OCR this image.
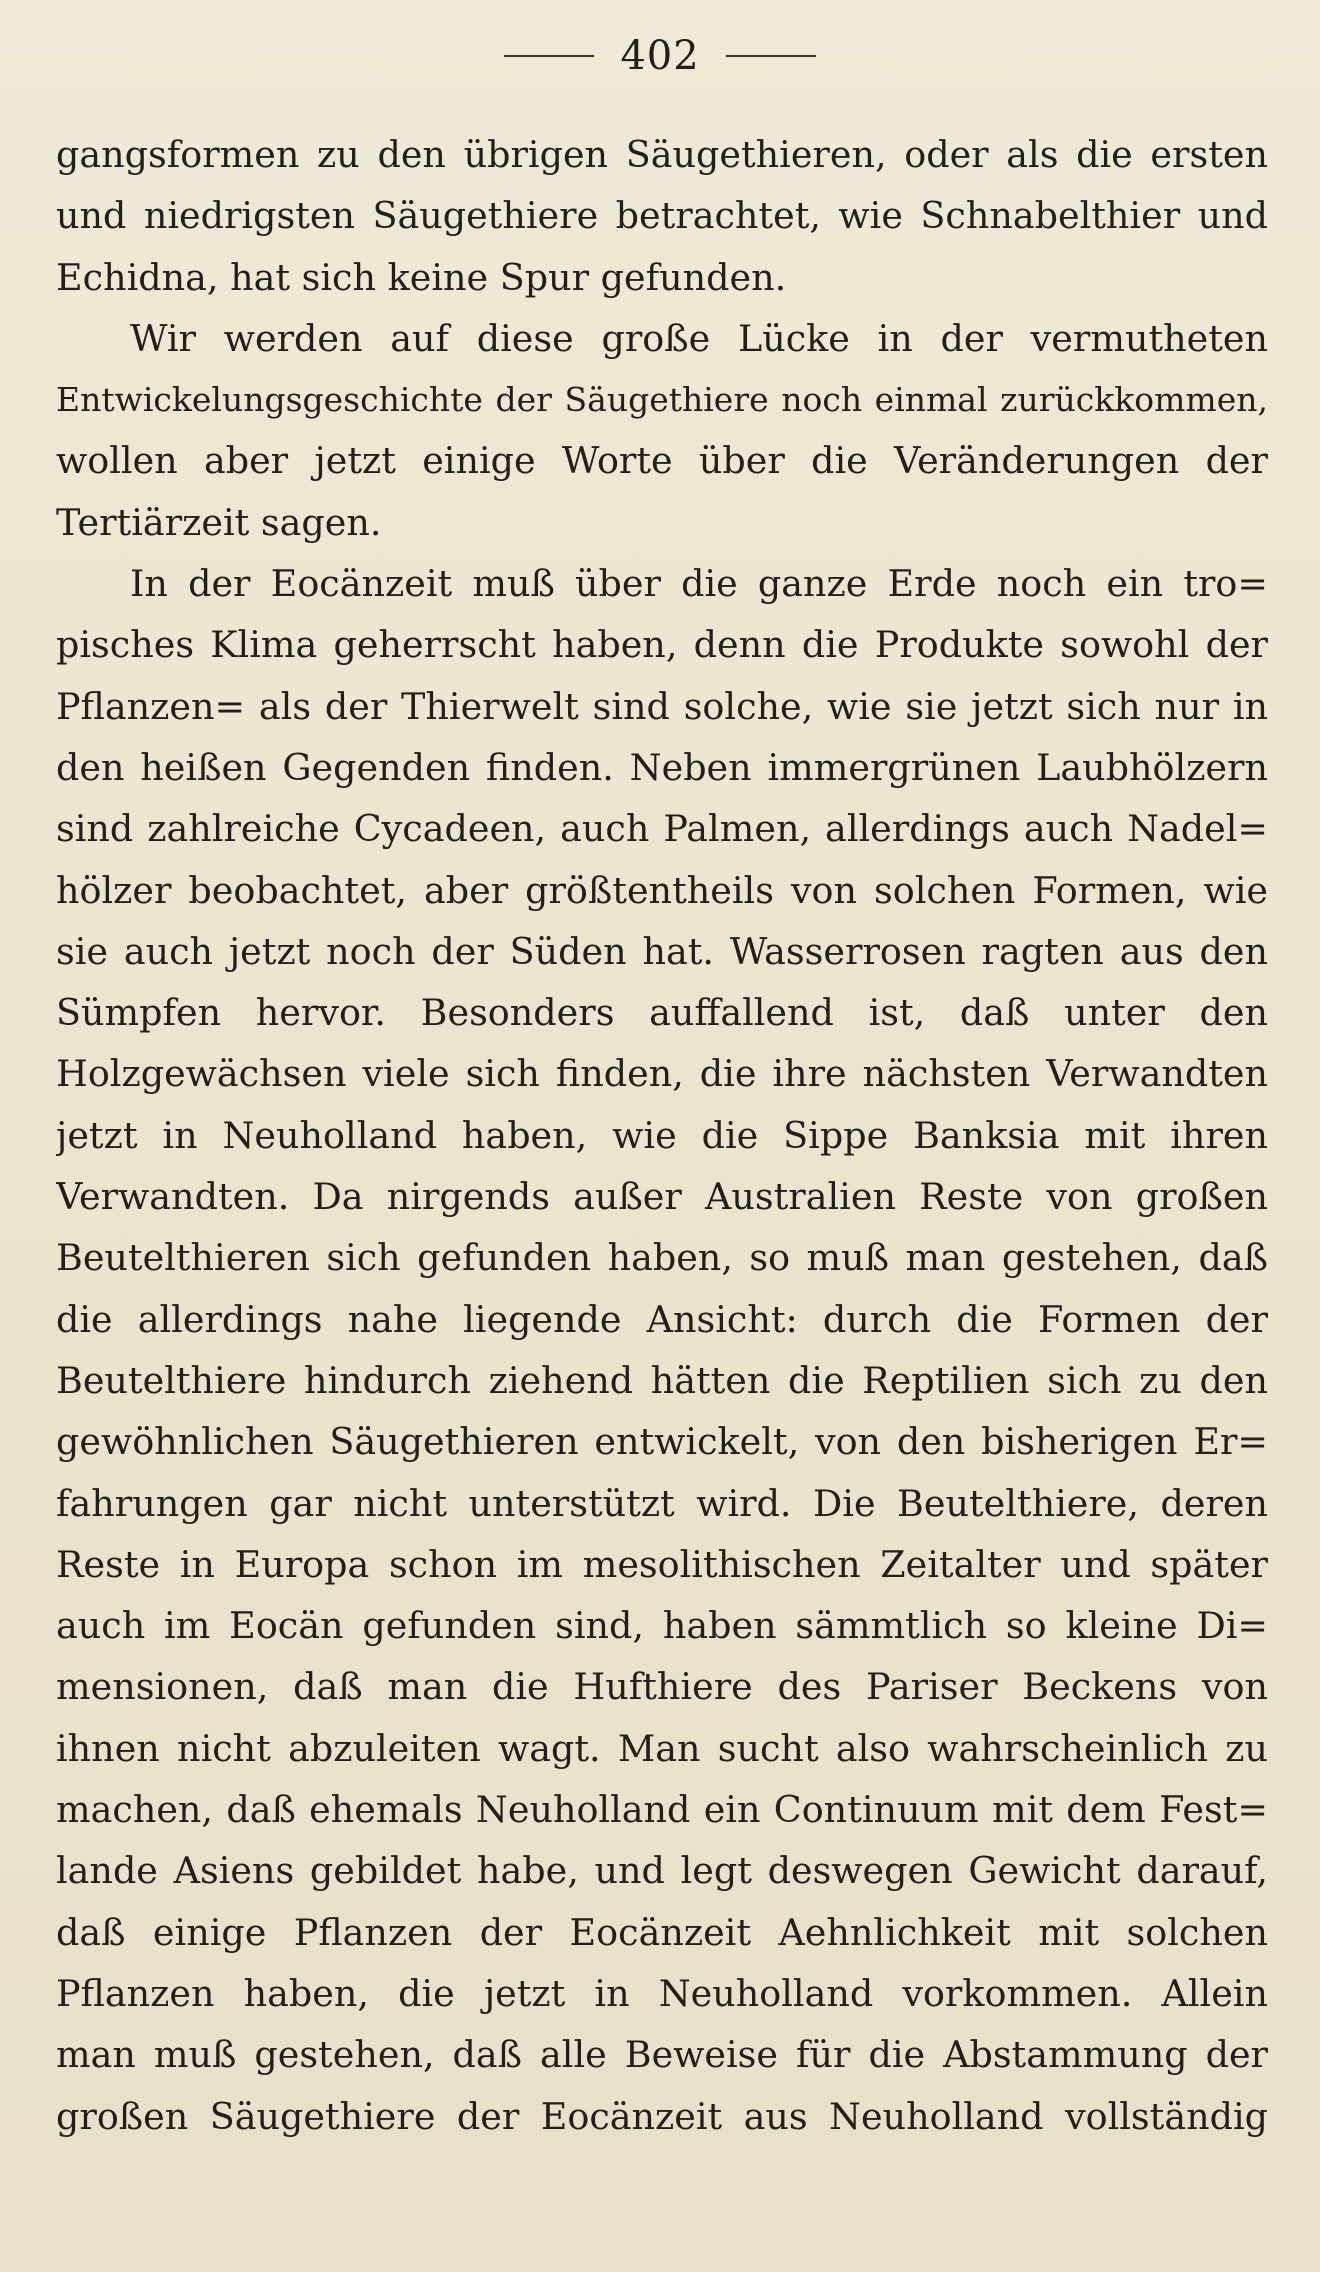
402
gangsformen zu den übrigen Säugethieren, oder als die ersten
und niedrigsten Säugethiere betrachtet, wie Schnabelthier und
Echidna, hat sich keine Spur gefunden.
Wir werden auf diese große Lücke in der vermutheten
Entwickelungsgeschichte der Säugethiere noch einmal zurückkommen,
wollen aber jetzt einige Worte über die Veränderungen der
Tertiärzeit sagen.
In der Eocänzeit muß über die ganze Erde noch ein tro=
pisches Klima geherrscht haben, denn die Produkte sowohl der
Pflanzen= als der Thierwelt sind solche, wie sie jetzt sich nur in
den heißen Gegenden finden. Neben immergrünen Laubhölzern
sind zahlreiche Cycadeen, auch Palmen, allerdings auch Nadel=
hölzer beobachtet, aber größtentheils von solchen Formen, wie
sie auch jetzt noch der Süden hat. Wasserrosen ragten aus den
Sümpfen hervor. Besonders auffallend ist, daß unter den
Holzgewächsen viele sich finden, die ihre nächsten Verwandten
jetzt in Neuholland haben, wie die Sippe Banksia mit ihren
Verwandten. Da nirgends außer Australien Reste von großen
Beutelthieren sich gefunden haben, so muß man gestehen, daß
die allerdings nahe liegende Ansicht: durch die Formen der
Beutelthiere hindurch ziehend hätten die Reptilien sich zu den
gewöhnlichen Säugethieren entwickelt, von den bisherigen Er=
fahrungen gar nicht unterstützt wird. Die Beutelthiere, deren
Reste in Europa schon im mesolithischen Zeitalter und später
auch im Eocän gefunden sind, haben sämmtlich so kleine Di=
mensionen, daß man die Hufthiere des Pariser Beckens von
ihnen nicht abzuleiten wagt. Man sucht also wahrscheinlich zu
machen, daß ehemals Neuholland ein Continuum mit dem Fest=
lande Asiens gebildet habe, und legt deswegen Gewicht darauf,
daß einige Pflanzen der Eocänzeit Aehnlichkeit mit solchen
Pflanzen haben, die jetzt in Neuholland vorkommen. Allein
man muß gestehen, daß alle Beweise für die Abstammung der
großen Säugethiere der Eocänzeit aus Neuholland vollständig
